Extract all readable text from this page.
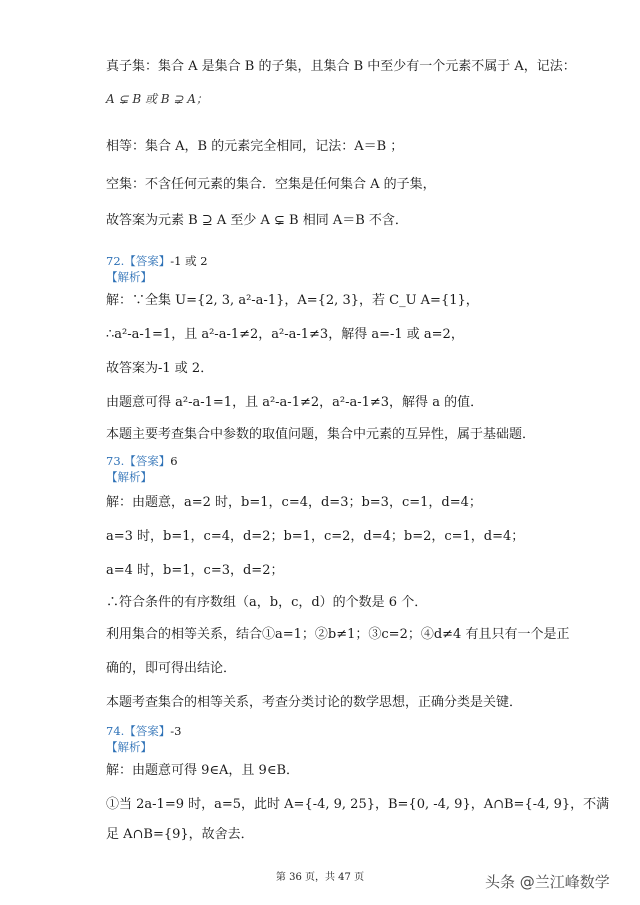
真子集：集合 A 是集合 B 的子集，且集合 B 中至少有一个元素不属于 A，记法：
A ⊊ B 或 B ⊋ A；
相等：集合 A，B 的元素完全相同，记法：A＝B ；
空集：不含任何元素的集合．空集是任何集合 A 的子集，
故答案为元素 B ⊇ A 至少 A ⊊ B 相同 A＝B 不含．
72.【答案】-1 或 2
【解析】
解：∵全集 U={2, 3, a²-a-1}，A={2, 3}，若 C_U A={1}，
∴a²-a-1=1，且 a²-a-1≠2，a²-a-1≠3，解得 a=-1 或 a=2，
故答案为-1 或 2．
由题意可得 a²-a-1=1，且 a²-a-1≠2，a²-a-1≠3，解得 a 的值．
本题主要考查集合中参数的取值问题，集合中元素的互异性，属于基础题．
73.【答案】6
【解析】
解：由题意，a=2 时，b=1，c=4，d=3；b=3，c=1，d=4；
a=3 时，b=1，c=4，d=2；b=1，c=2，d=4；b=2，c=1，d=4；
a=4 时，b=1，c=3，d=2；
∴符合条件的有序数组（a，b，c，d）的个数是 6 个．
利用集合的相等关系，结合①a=1；②b≠1；③c=2；④d≠4 有且只有一个是正
确的，即可得出结论．
本题考查集合的相等关系，考查分类讨论的数学思想，正确分类是关键．
74.【答案】-3
【解析】
解：由题意可得 9∈A，且 9∈B．
①当 2a-1=9 时，a=5，此时 A={-4, 9, 25}，B={0, -4, 9}，A∩B={-4, 9}，不满
足 A∩B={9}，故舍去．
第 36 页，共 47 页	头条 @兰江峰数学
